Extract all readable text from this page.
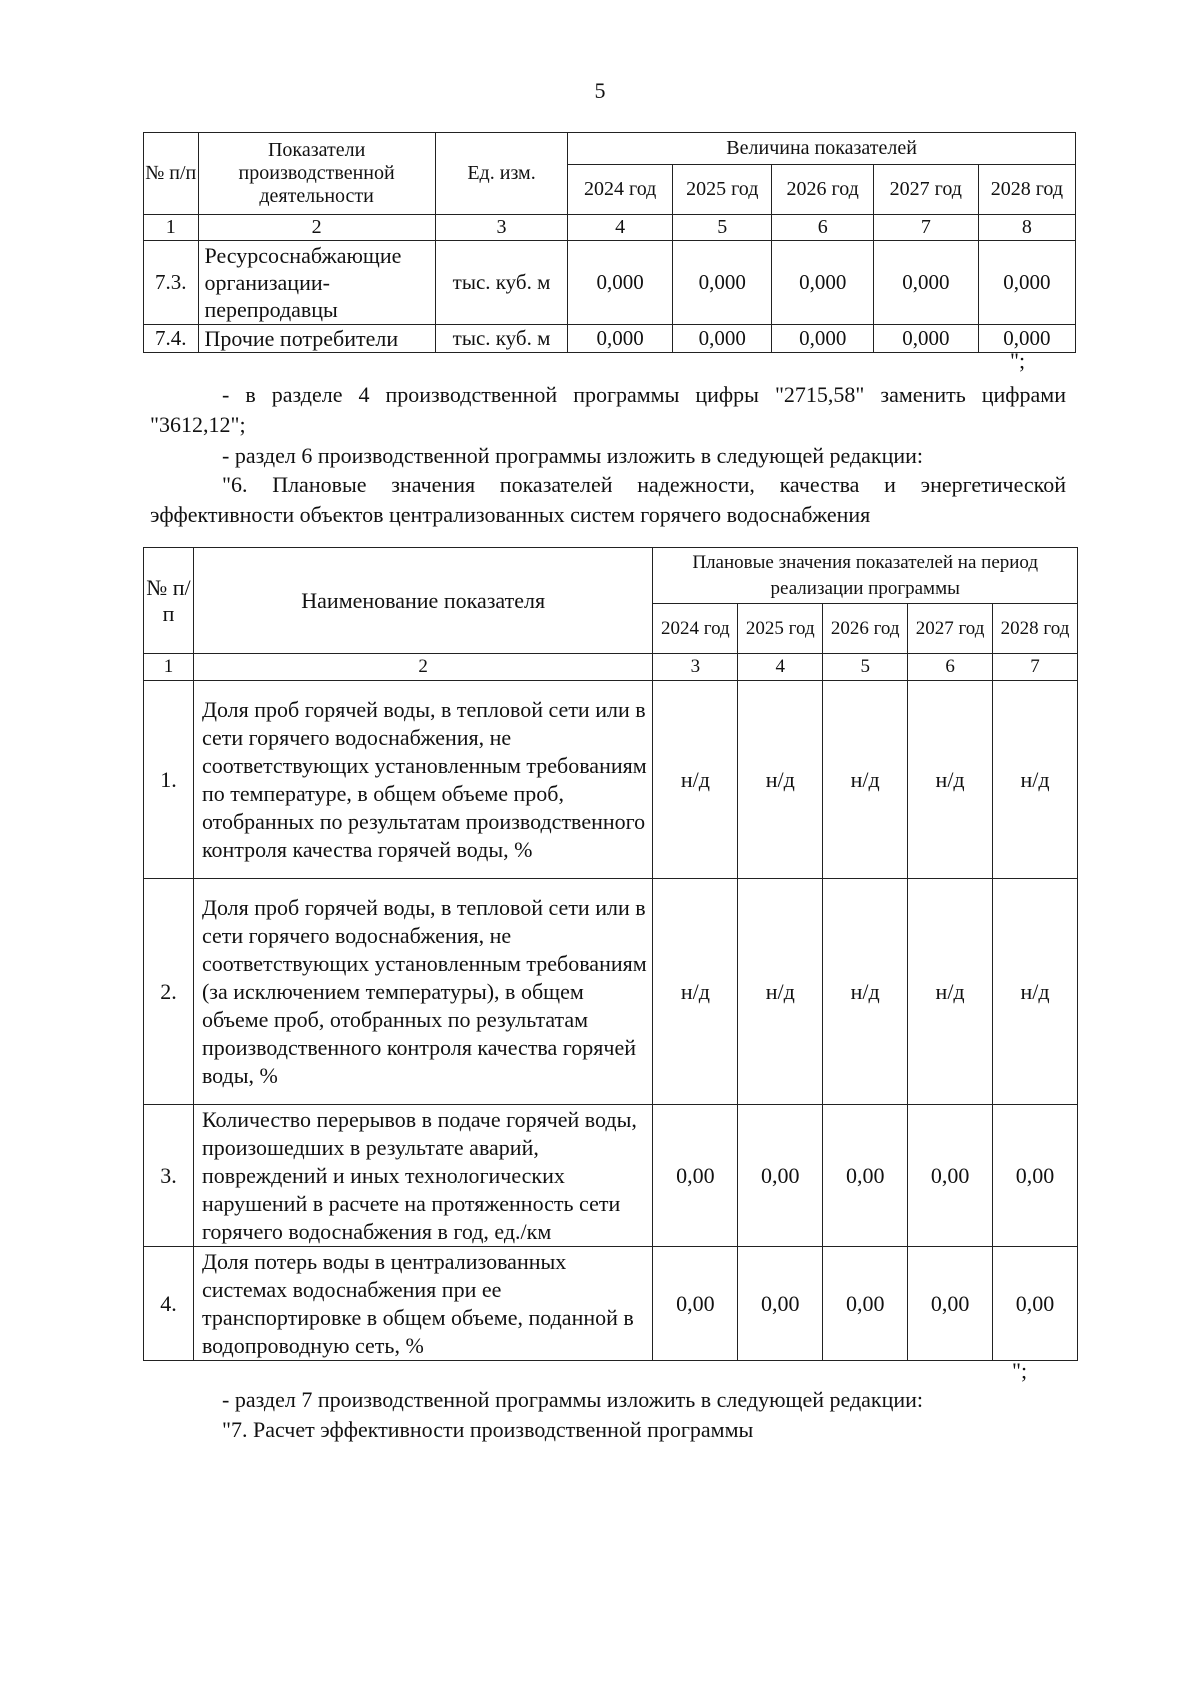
5
№ п/п	Показатели производственной деятельности	Ед. изм.	Величина показателей				
			2024 год	2025 год	2026 год	2027 год	2028 год
1	2	3	4	5	6	7	8
7.3.	Ресурсоснабжающие организации-перепродавцы	тыс. куб. м	0,000	0,000	0,000	0,000	0,000
7.4.	Прочие потребители	тыс. куб. м	0,000	0,000	0,000	0,000	0,000
";
- в разделе 4 производственной программы цифры "2715,58" заменить цифрами "3612,12";
- раздел 6 производственной программы изложить в следующей редакции:
"6. Плановые значения показателей надежности, качества и энергетической эффективности объектов централизованных систем горячего водоснабжения
№ п/п	Наименование показателя	Плановые значения показателей на период реализации программы				
		2024 год	2025 год	2026 год	2027 год	2028 год
1	2	3	4	5	6	7
1.	Доля проб горячей воды, в тепловой сети или в сети горячего водоснабжения, не соответствующих установленным требованиям по температуре, в общем объеме проб, отобранных по результатам производственного контроля качества горячей воды, %	н/д	н/д	н/д	н/д	н/д
2.	Доля проб горячей воды, в тепловой сети или в сети горячего водоснабжения, не соответствующих установленным требованиям (за исключением температуры), в общем объеме проб, отобранных по результатам производственного контроля качества горячей воды, %	н/д	н/д	н/д	н/д	н/д
3.	Количество перерывов в подаче горячей воды, произошедших в результате аварий, повреждений и иных технологических нарушений в расчете на протяженность сети горячего водоснабжения в год, ед./км	0,00	0,00	0,00	0,00	0,00
4.	Доля потерь воды в централизованных системах водоснабжения при ее транспортировке в общем объеме, поданной в водопроводную сеть, %	0,00	0,00	0,00	0,00	0,00
";
- раздел 7 производственной программы изложить в следующей редакции:
"7. Расчет эффективности производственной программы
